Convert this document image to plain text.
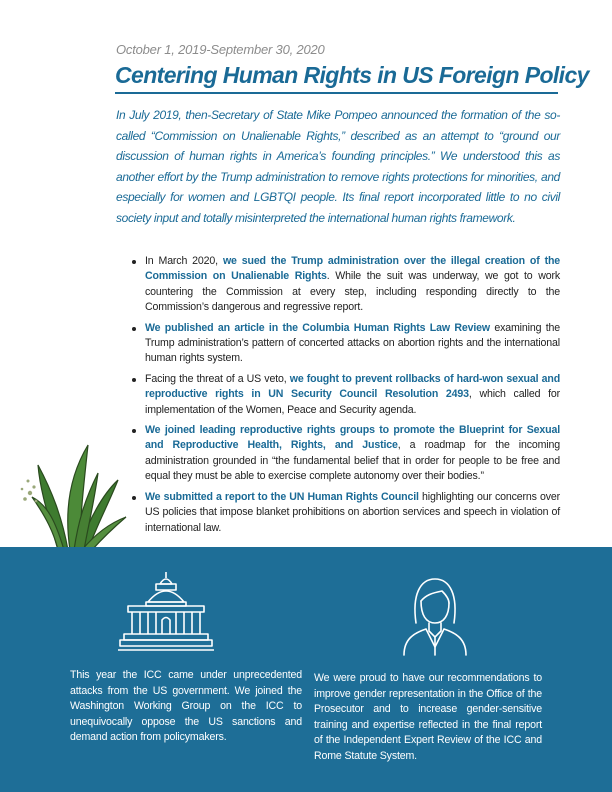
October 1, 2019-September 30, 2020
Centering Human Rights in US Foreign Policy

In July 2019, then-Secretary of State Mike Pompeo announced the formation of the so-called “Commission on Unalienable Rights,” described as an attempt to “ground our discussion of human rights in America’s founding principles.” We understood this as another effort by the Trump administration to remove rights protections for minorities, and especially for women and LGBTQI people. Its final report incorporated little to no civil society input and totally misinterpreted the international human rights framework.

In March 2020, we sued the Trump administration over the illegal creation of the Commission on Unalienable Rights. While the suit was underway, we got to work countering the Commission at every step, including responding directly to the Commission’s dangerous and regressive report.
We published an article in the Columbia Human Rights Law Review examining the Trump administration’s pattern of concerted attacks on abortion rights and the international human rights system.
Facing the threat of a US veto, we fought to prevent rollbacks of hard-won sexual and reproductive rights in UN Security Council Resolution 2493, which called for implementation of the Women, Peace and Security agenda.
We joined leading reproductive rights groups to promote the Blueprint for Sexual and Reproductive Health, Rights, and Justice, a roadmap for the incoming administration grounded in “the fundamental belief that in order for people to be free and equal they must be able to exercise complete autonomy over their bodies.”
We submitted a report to the UN Human Rights Council highlighting our concerns over US policies that impose blanket prohibitions on abortion services and speech in violation of international law.
This year the ICC came under unprecedented attacks from the US government. We joined the Washington Working Group on the ICC to unequivocally oppose the US sanctions and demand action from policymakers.
We were proud to have our recommendations to improve gender representation in the Office of the Prosecutor and to increase gender-sensitive training and expertise reflected in the final report of the Independent Expert Review of the ICC and Rome Statute System.
